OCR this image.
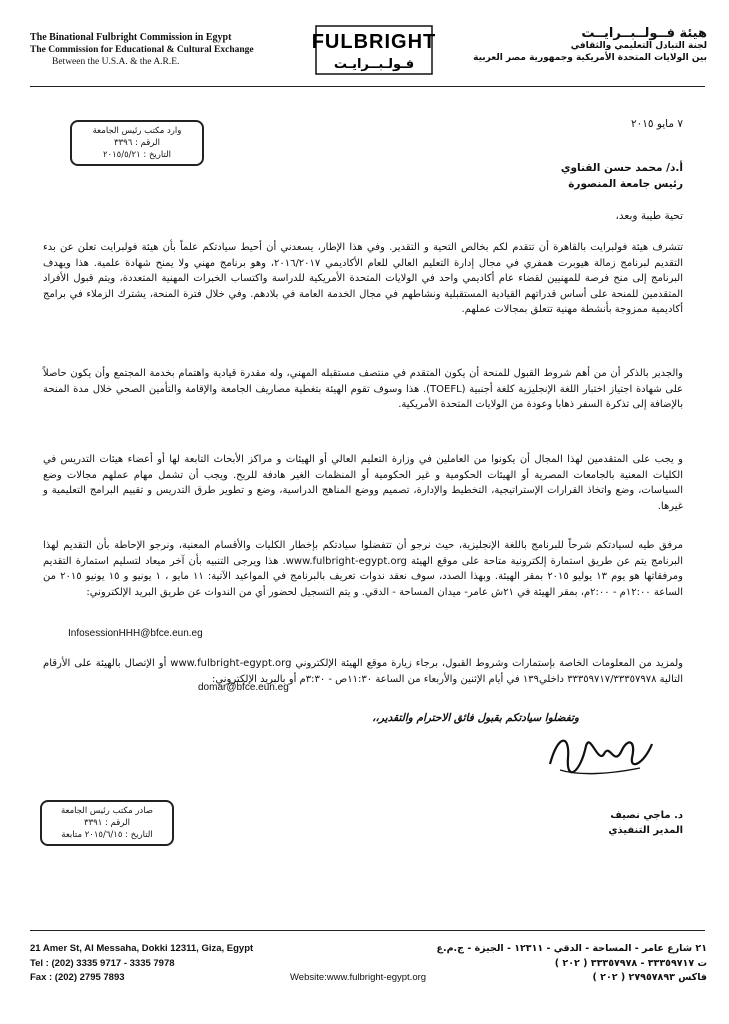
The Binational Fulbright Commission in Egypt
The Commission for Educational & Cultural Exchange
Between the U.S.A. & the A.R.E.
FULBRIGHT
فـولـبــرايـت
هيئة فــولــبــرايــت
لجنة التبادل التعليمي والثقافي
بين الولايات المتحدة الأمريكية وجمهورية مصر العربية
وارد مكتب رئيس الجامعة
الرقم : ٣٣٩٦
التاريخ : ٢٠١٥/٥/٢١
٧ مايو ٢٠١٥
أ.د/ محمد حسن القناوي
رئيس جامعة المنصورة
تحية طيبة وبعد،
تتشرف هيئة فولبرايت بالقاهرة أن تتقدم لكم بخالص التحية و التقدير. وفي هذا الإطار، يسعدني أن أحيط سيادتكم علماً بأن هيئة فولبرايت تعلن عن بدء التقديم لبرنامج زمالة هيوبرت همفري في مجال إدارة التعليم العالي للعام الأكاديمي ٢٠١٦/٢٠١٧، وهو برنامج مهني ولا يمنح شهادة علمية. هذا ويهدف البرنامج إلى منح فرصة للمهنيين لقضاء عام أكاديمي واحد في الولايات المتحدة الأمريكية للدراسة واكتساب الخبرات المهنية المتعددة، ويتم قبول الأفراد المتقدمين للمنحة على أساس قدراتهم القيادية المستقبلية ونشاطهم في مجال الخدمة العامة في بلادهم. وفي خلال فترة المنحة، يشترك الزملاء في برامج أكاديمية ممزوجة بأنشطة مهنية تتعلق بمجالات عملهم.
والجدير بالذكر أن من أهم شروط القبول للمنحة أن يكون المتقدم في منتصف مستقبله المهني، وله مقدرة قيادية واهتمام بخدمة المجتمع وأن يكون حاصلاً على شهادة اجتياز اختبار اللغة الإنجليزية كلغة أجنبية (TOEFL). هذا وسوف تقوم الهيئة بتغطية مصاريف الجامعة والإقامة والتأمين الصحي خلال مدة المنحة بالإضافة إلى تذكرة السفر ذهابا وعودة من الولايات المتحدة الأمريكية.
و يجب على المتقدمين لهذا المجال أن يكونوا من العاملين في وزارة التعليم العالي أو الهيئات و مراكز الأبحاث التابعة لها أو أعضاء هيئات التدريس في الكليات المعنية بالجامعات المصرية أو الهيئات الحكومية و غير الحكومية أو المنظمات الغير هادفة للربح. ويجب أن تشمل مهام عملهم مجالات وضع السياسات، وضع واتخاذ القرارات الإستراتيجية، التخطيط والإدارة، تصميم ووضع المناهج الدراسية، وضع و تطوير طرق التدريس و تقييم البرامج التعليمية و غيرها.
مرفق طيه لسيادتكم شرحاً للبرنامج باللغة الإنجليزية، حيث نرجو أن تتفضلوا سيادتكم بإخطار الكليات والأقسام المعنية، ونرجو الإحاطة بأن التقديم لهذا البرنامج يتم عن طريق استمارة إلكترونية متاحة على موقع الهيئة www.fulbright-egypt.org. هذا ويرجى التنبيه بأن آخر ميعاد لتسليم استمارة التقديم ومرفقاتها هو يوم ١٣ يوليو ٢٠١٥ بمقر الهيئة. وبهذا الصدد، سوف نعقد ندوات تعريف بالبرنامج في المواعيد الآتية: ١١ مايو ، ١ يونيو و ١٥ يونيو ٢٠١٥ من الساعة ١٢:٠٠م - ٢:٠٠م، بمقر الهيئة في ٢١ش عامر- ميدان المساحة - الدقي. و يتم التسجيل لحضور أي من الندوات عن طريق البريد الإلكتروني:
InfosessionHHH@bfce.eun.eg
ولمزيد من المعلومات الخاصة بإستمارات وشروط القبول، برجاء زيارة موقع الهيئة الإلكتروني www.fulbright-egypt.org أو الإتصال بالهيئة على الأرقام التالية ٣٣٣٥٩٧١٧/٣٣٣٥٧٩٧٨ داخلي١٣٩ في أيام الإثنين والأربعاء من الساعة ١١:٣٠ص - ٣:٣٠م أو بالبريد الإلكتروني:
domar@bfce.eun.eg
وتفضلوا سيادتكم بقبول فائق الاحترام والتقدير،،
د. ماجي نصيف
المدير التنفيذي
صادر مكتب رئيس الجامعة
الرقم : ٣٣٩١
التاريخ : ٢٠١٥/٦/١٥ متابعة
21 Amer St, Al Messaha, Dokki 12311, Giza, Egypt
Tel : (202) 3335 9717 - 3335 7978
Fax : (202) 2795 7893	Website:www.fulbright-egypt.org
٢١ شارع عامر - المساحة - الدقي - ١٢٣١١ - الجيزة - ج.م.ع
ت ٣٣٣٥٩٧١٧ - ٣٣٣٥٧٩٧٨ ( ٢٠٢ )
فاكس ٢٧٩٥٧٨٩٣ ( ٢٠٢ )
